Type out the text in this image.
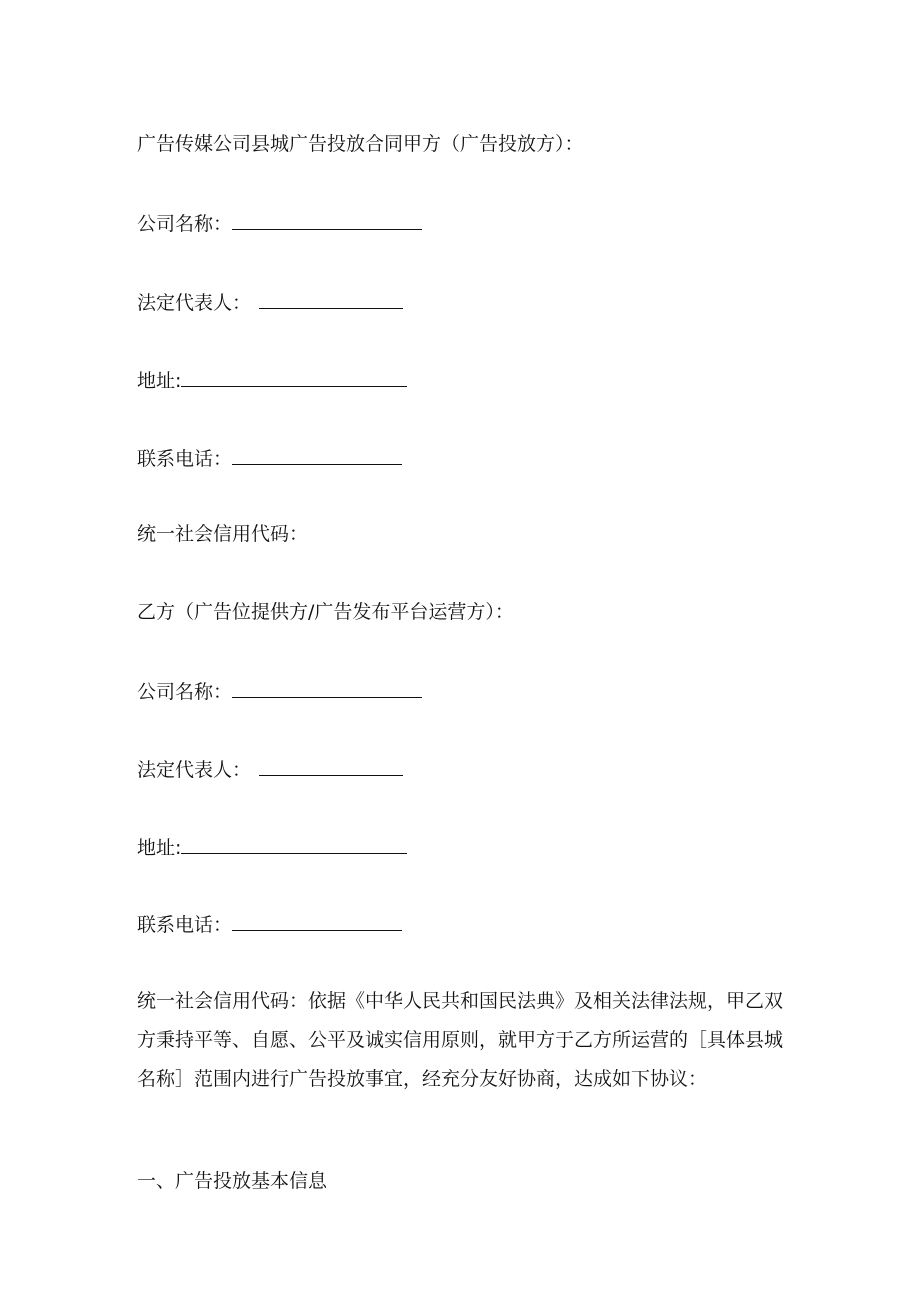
广告传媒公司县城广告投放合同甲方（广告投放方）：
公司名称：
法定代表人：
地址:
联系电话：
统一社会信用代码：
乙方（广告位提供方/广告发布平台运营方）：
公司名称：
法定代表人：
地址:
联系电话：
统一社会信用代码：依据《中华人民共和国民法典》及相关法律法规，甲乙双方秉持平等、自愿、公平及诚实信用原则，就甲方于乙方所运营的［具体县城名称］范围内进行广告投放事宜，经充分友好协商，达成如下协议：
一、广告投放基本信息
